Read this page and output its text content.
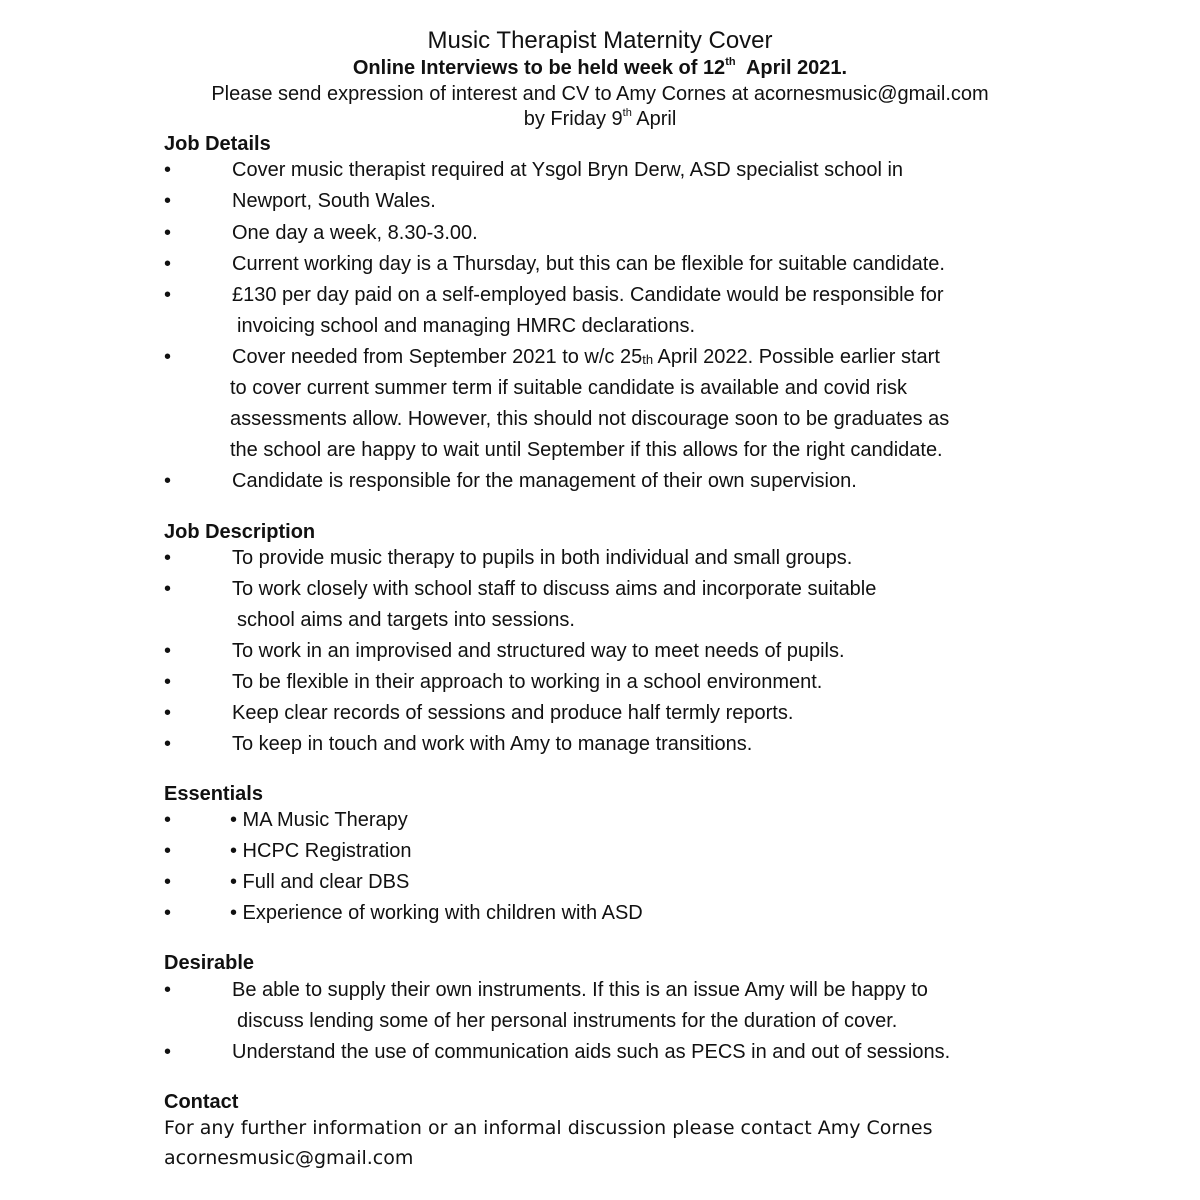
Music Therapist Maternity Cover
Online Interviews to be held week of 12th  April 2021.
Please send expression of interest and CV to Amy Cornes at acornesmusic@gmail.com
by Friday 9th April
Job Details
•	Cover music therapist required at Ysgol Bryn Derw, ASD specialist school in
•	Newport, South Wales.
•	One day a week, 8.30-3.00.
•	Current working day is a Thursday, but this can be flexible for suitable candidate.
•	£130 per day paid on a self-employed basis. Candidate would be responsible for
invoicing school and managing HMRC declarations.
•	Cover needed from September 2021 to w/c $25_{th}$ April 2022. Possible earlier start
to cover current summer term if suitable candidate is available and covid risk
assessments allow. However, this should not discourage soon to be graduates as
the school are happy to wait until September if this allows for the right candidate.
•	Candidate is responsible for the management of their own supervision.
Job Description
•	To provide music therapy to pupils in both individual and small groups.
•	To work closely with school staff to discuss aims and incorporate suitable
school aims and targets into sessions.
•	To work in an improvised and structured way to meet needs of pupils.
•	To be flexible in their approach to working in a school environment.
•	Keep clear records of sessions and produce half termly reports.
•	To keep in touch and work with Amy to manage transitions.
Essentials
•	• MA Music Therapy
•	• HCPC Registration
•	• Full and clear DBS
•	• Experience of working with children with ASD
Desirable
•	Be able to supply their own instruments. If this is an issue Amy will be happy to
discuss lending some of her personal instruments for the duration of cover.
•	Understand the use of communication aids such as PECS in and out of sessions.
Contact
For any further information or an informal discussion please contact Amy Cornes
acornesmusic@gmail.com
